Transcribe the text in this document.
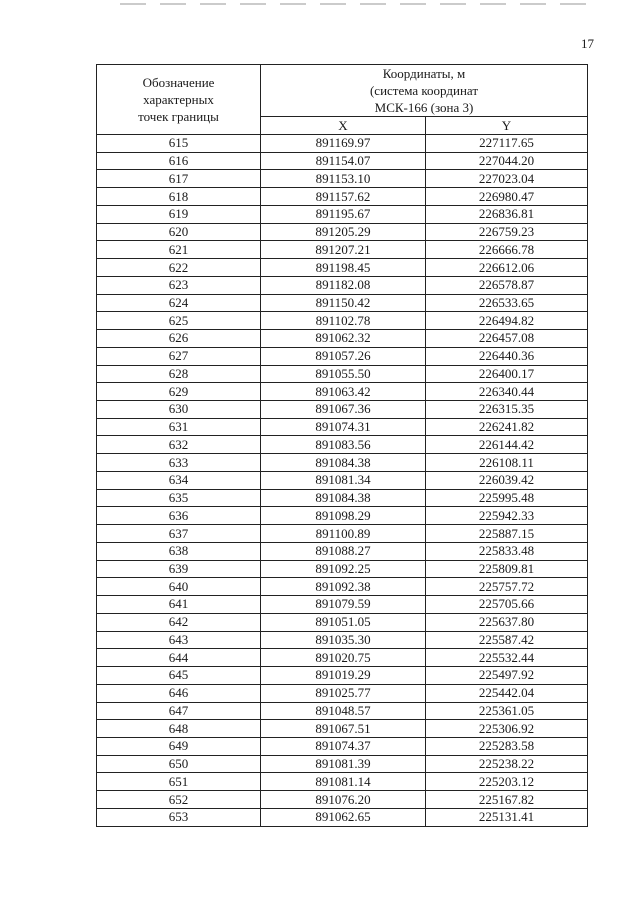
17
Обозначение
характерных
точек границы	Координаты, м
(система координат
МСК-166 (зона 3)	
	X	Y
615	891169.97	227117.65
616	891154.07	227044.20
617	891153.10	227023.04
618	891157.62	226980.47
619	891195.67	226836.81
620	891205.29	226759.23
621	891207.21	226666.78
622	891198.45	226612.06
623	891182.08	226578.87
624	891150.42	226533.65
625	891102.78	226494.82
626	891062.32	226457.08
627	891057.26	226440.36
628	891055.50	226400.17
629	891063.42	226340.44
630	891067.36	226315.35
631	891074.31	226241.82
632	891083.56	226144.42
633	891084.38	226108.11
634	891081.34	226039.42
635	891084.38	225995.48
636	891098.29	225942.33
637	891100.89	225887.15
638	891088.27	225833.48
639	891092.25	225809.81
640	891092.38	225757.72
641	891079.59	225705.66
642	891051.05	225637.80
643	891035.30	225587.42
644	891020.75	225532.44
645	891019.29	225497.92
646	891025.77	225442.04
647	891048.57	225361.05
648	891067.51	225306.92
649	891074.37	225283.58
650	891081.39	225238.22
651	891081.14	225203.12
652	891076.20	225167.82
653	891062.65	225131.41
